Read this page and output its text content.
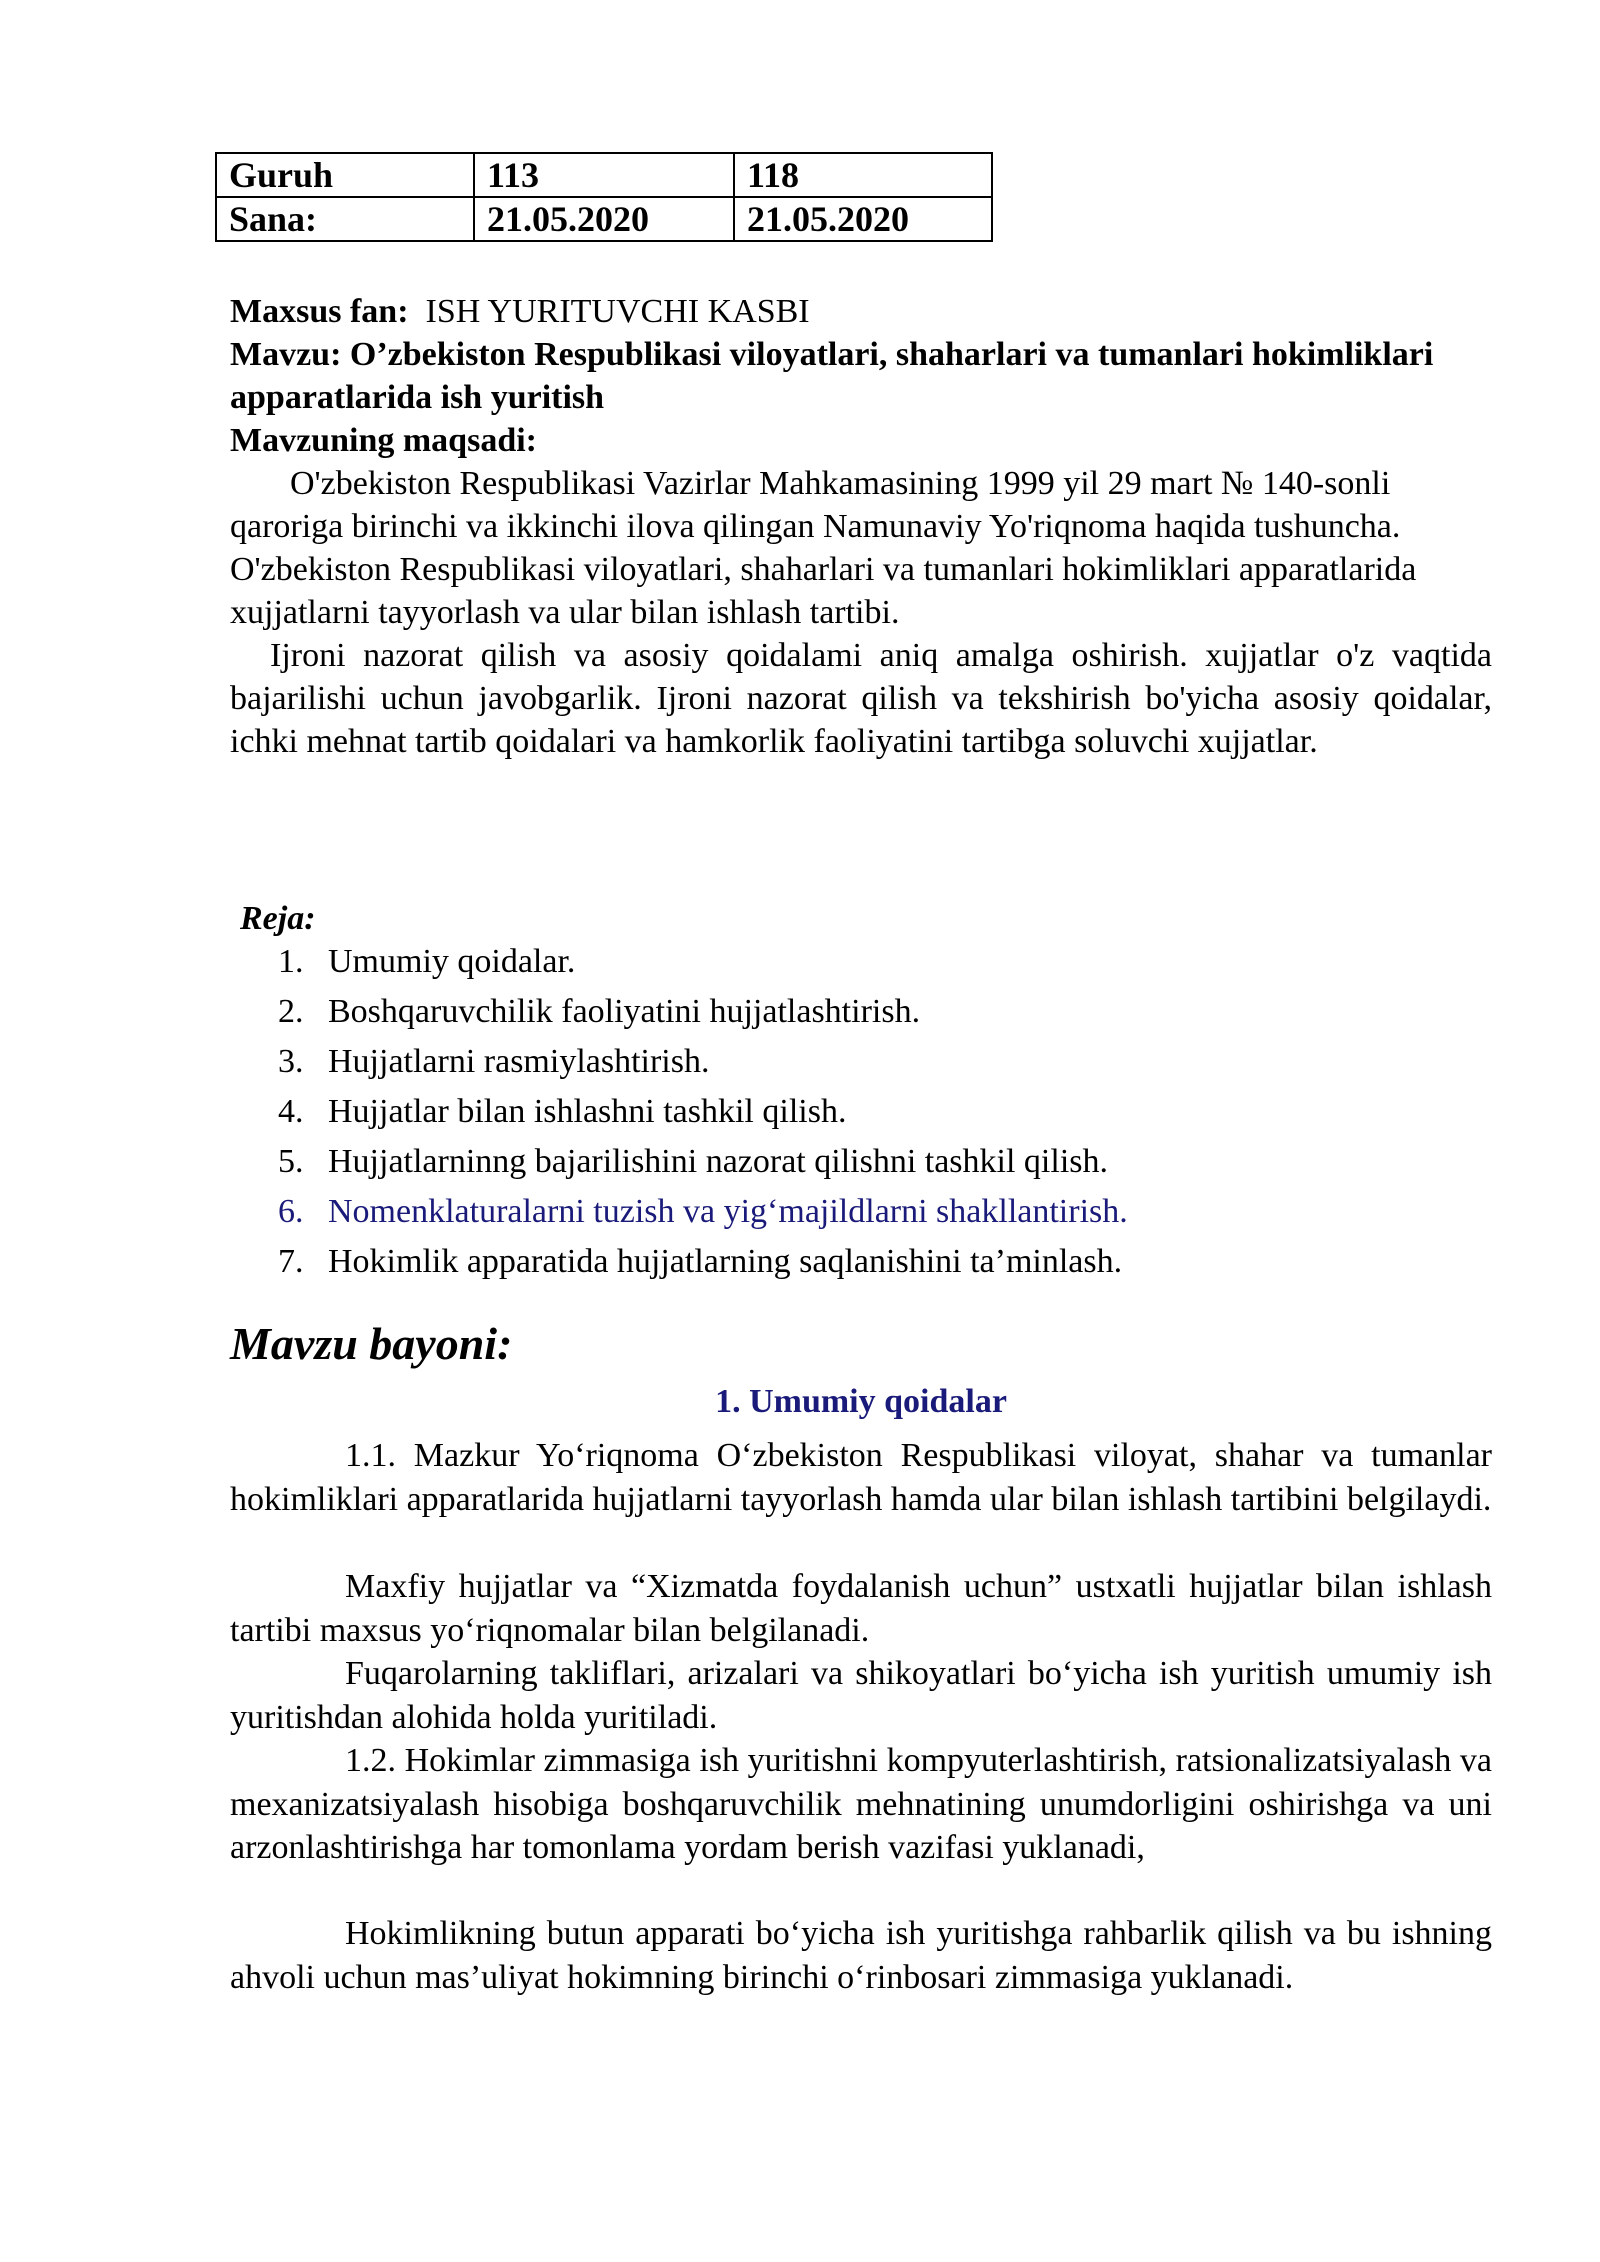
Guruh	113	118
Sana:	21.05.2020	21.05.2020
Maxsus fan: ISH YURITUVCHI KASBI
Mavzu: O’zbekiston Respublikasi viloyatlari, shaharlari va tumanlari hokimliklari apparatlarida ish yuritish
Mavzuning maqsadi:
O'zbekiston Respublikasi Vazirlar Mahkamasining 1999 yil 29 mart № 140-sonli qaroriga birinchi va ikkinchi ilova qilingan Namunaviy Yo'riqnoma haqida tushuncha. O'zbekiston Respublikasi viloyatlari, shaharlari va tumanlari hokimliklari apparatlarida xujjatlarni tayyorlash va ular bilan ishlash tartibi.
Ijroni nazorat qilish va asosiy qoidalami aniq amalga oshirish. xujjatlar o'z vaqtida bajarilishi uchun javobgarlik. Ijroni nazorat qilish va tekshirish bo'yicha asosiy qoidalar, ichki mehnat tartib qoidalari va hamkorlik faoliyatini tartibga soluvchi xujjatlar.
Reja:
1. Umumiy qoidalar.
2. Boshqaruvchilik faoliyatini hujjatlashtirish.
3. Hujjatlarni rasmiylashtirish.
4. Hujjatlar bilan ishlashni tashkil qilish.
5. Hujjatlarninng bajarilishini nazorat qilishni tashkil qilish.
6. Nomenklaturalarni tuzish va yig‘majildlarni shakllantirish.
7. Hokimlik apparatida hujjatlarning saqlanishini ta’minlash.
Mavzu bayoni:
1. Umumiy qoidalar
1.1. Mazkur Yo‘riqnoma O‘zbekiston Respublikasi viloyat, shahar va tumanlar hokimliklari apparatlarida hujjatlarni tayyorlash hamda ular bilan ishlash tartibini belgilaydi.
Maxfiy hujjatlar va “Xizmatda foydalanish uchun” ustxatli hujjatlar bilan ishlash tartibi maxsus yo‘riqnomalar bilan belgilanadi.
Fuqarolarning takliflari, arizalari va shikoyatlari bo‘yicha ish yuritish umumiy ish yuritishdan alohida holda yuritiladi.
1.2. Hokimlar zimmasiga ish yuritishni kompyuterlashtirish, ratsionalizatsiyalash va mexanizatsiyalash hisobiga boshqaruvchilik mehnatining unumdorligini oshirishga va uni arzonlashtirishga har tomonlama yordam berish vazifasi yuklanadi,
Hokimlikning butun apparati bo‘yicha ish yuritishga rahbarlik qilish va bu ishning ahvoli uchun mas’uliyat hokimning birinchi o‘rinbosari zimmasiga yuklanadi.
